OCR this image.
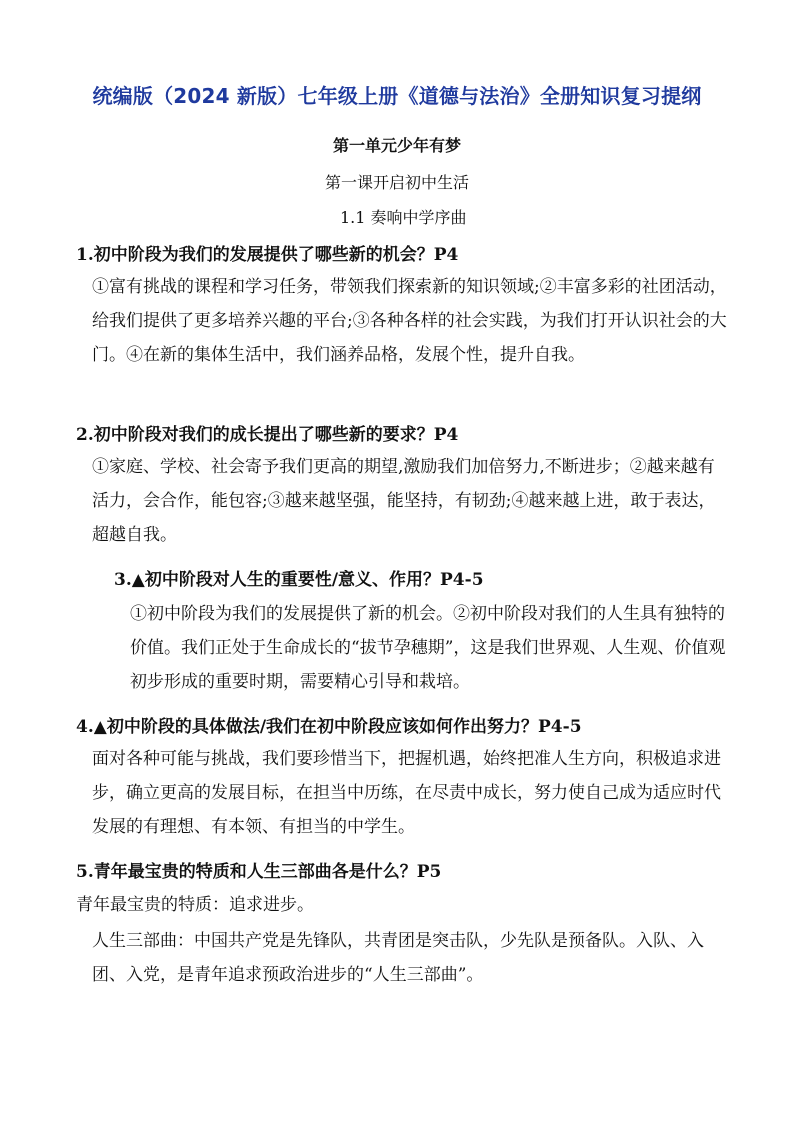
统编版（2024 新版）七年级上册《道德与法治》全册知识复习提纲
第一单元少年有梦
第一课开启初中生活
1.1 奏响中学序曲
1.初中阶段为我们的发展提供了哪些新的机会？P4
①富有挑战的课程和学习任务，带领我们探索新的知识领域;②丰富多彩的社团活动，给我们提供了更多培养兴趣的平台;③各种各样的社会实践，为我们打开认识社会的大门。④在新的集体生活中，我们涵养品格，发展个性，提升自我。
2.初中阶段对我们的成长提出了哪些新的要求？P4
①家庭、学校、社会寄予我们更高的期望,激励我们加倍努力,不断进步；②越来越有活力，会合作，能包容;③越来越坚强，能坚持，有韧劲;④越来越上进，敢于表达，超越自我。
3.▲初中阶段对人生的重要性/意义、作用？P4-5
①初中阶段为我们的发展提供了新的机会。②初中阶段对我们的人生具有独特的价值。我们正处于生命成长的“拔节孕穗期”，这是我们世界观、人生观、价值观初步形成的重要时期，需要精心引导和栽培。
4.▲初中阶段的具体做法/我们在初中阶段应该如何作出努力？P4-5
面对各种可能与挑战，我们要珍惜当下，把握机遇，始终把准人生方向，积极追求进步，确立更高的发展目标，在担当中历练，在尽责中成长，努力使自己成为适应时代发展的有理想、有本领、有担当的中学生。
5.青年最宝贵的特质和人生三部曲各是什么？P5
青年最宝贵的特质：追求进步。
人生三部曲：中国共产党是先锋队，共青团是突击队，少先队是预备队。入队、入团、入党，是青年追求预政治进步的“人生三部曲”。
